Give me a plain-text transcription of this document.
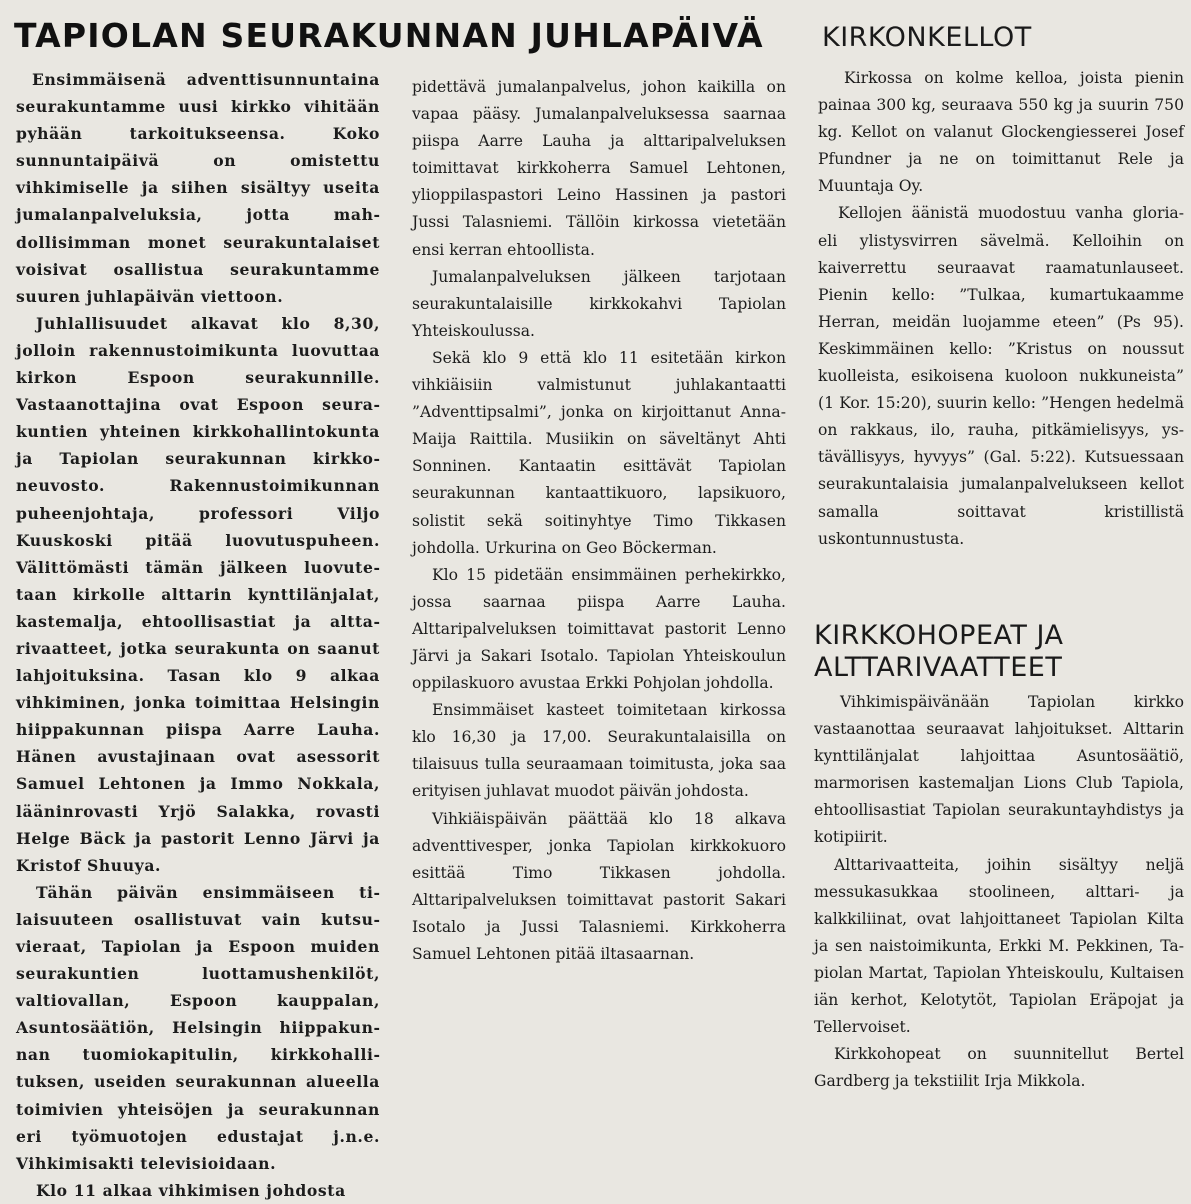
TAPIOLAN SEURAKUNNAN JUHLAPÄIVÄ

Ensimmäisenä adventtisunnuntaina seurakuntamme uusi kirkko vihitään pyhään tarkoitukseensa. Koko sunnuntaipäivä on omistettu vihkimiselle ja siihen sisältyy useita jumalanpalveluksia, jotta mahdollisimman monet seurakuntalaiset voisivat osallistua seurakuntamme suuren juhlapäivän viettoon.

Juhlallisuudet alkavat klo 8,30, jolloin rakennustoimikunta luovuttaa kirkon Espoon seurakunnille. Vastaanottajina ovat Espoon seurakuntien yhteinen kirkkohallintokunta ja Tapiolan seurakunnan kirkkoneuvosto. Rakennustoimikunnan puheenjohtaja, professori Viljo Kuuskoski pitää luovutuspuheen. Välittömästi tämän jälkeen luovutetaan kirkolle alttarin kynttilänjalat, kastemalja, ehtoollisastiat ja alttarivaatteet, jotka seurakunta on saanut lahjoituksina. Tasan klo 9 alkaa vihkiminen, jonka toimittaa Helsingin hiippakunnan piispa Aarre Lauha. Hänen avustajinaan ovat asessorit Samuel Lehtonen ja Immo Nokkala, lääninrovasti Yrjö Salakka, rovasti Helge Bäck ja pastorit Lenno Järvi ja Kristof Shuuya.

Tähän päivän ensimmäiseen tilaisuuteen osallistuvat vain kutsuvieraat, Tapiolan ja Espoon muiden seurakuntien luottamushenkilöt, valtiovallan, Espoon kauppalan, Asuntosäätiön, Helsingin hiippakunnan tuomiokapitulin, kirkkohallituksen, useiden seurakunnan alueella toimivien yhteisöjen ja seurakunnan eri työmuotojen edustajat j.n.e. Vihkimisakti televisioidaan.

Klo 11 alkaa vihkimisen johdosta

pidettävä jumalanpalvelus, johon kaikilla on vapaa pääsy. Jumalanpalveluksessa saarnaa piispa Aarre Lauha ja alttaripalveluksen toimittavat kirkkoherra Samuel Lehtonen, ylioppilaspastori Leino Hassinen ja pastori Jussi Talasniemi. Tällöin kirkossa vietetään ensi kerran ehtoollista.

Jumalanpalveluksen jälkeen tarjotaan seurakuntalaisille kirkkokahvi Tapiolan Yhteiskoulussa.

Sekä klo 9 että klo 11 esitetään kirkon vihkiäisiin valmistunut juhlakantaatti ”Adventtipsalmi”, jonka on kirjoittanut Anna-Maija Raittila. Musiikin on säveltänyt Ahti Sonninen. Kantaatin esittävät Tapiolan seurakunnan kantaattikuoro, lapsikuoro, solistit sekä soitinyhtye Timo Tikkasen johdolla. Urkurina on Geo Böckerman.

Klo 15 pidetään ensimmäinen perhekirkko, jossa saarnaa piispa Aarre Lauha. Alttaripalveluksen toimittavat pastorit Lenno Järvi ja Sakari Isotalo. Tapiolan Yhteiskoulun oppilaskuoro avustaa Erkki Pohjolan johdolla.

Ensimmäiset kasteet toimitetaan kirkossa klo 16,30 ja 17,00. Seurakuntalaisilla on tilaisuus tulla seuraamaan toimitusta, joka saa erityisen juhlavat muodot päivän johdosta.

Vihkiäispäivän päättää klo 18 alkava adventtivesper, jonka Tapiolan kirkkokuoro esittää Timo Tikkasen johdolla. Alttaripalveluksen toimittavat pastorit Sakari Isotalo ja Jussi Talasniemi. Kirkkoherra Samuel Lehtonen pitää iltasaarnan.

KIRKONKELLOT

Kirkossa on kolme kelloa, joista pienin painaa 300 kg, seuraava 550 kg ja suurin 750 kg. Kellot on valanut Glockengiesserei Josef Pfundner ja ne on toimittanut Rele ja Muuntaja Oy.

Kellojen äänistä muodostuu vanha gloria- eli ylistysvirren sävelmä. Kelloihin on kaiverrettu seuraavat raamatunlauseet. Pienin kello: ”Tulkaa, kumartukaamme Herran, meidän luojamme eteen” (Ps 95). Keskimmäinen kello: ”Kristus on noussut kuolleista, esikoisena kuoloon nukkuneista” (1 Kor. 15:20), suurin kello: ”Hengen hedelmä on rakkaus, ilo, rauha, pitkämielisyys, ystävällisyys, hyvyys” (Gal. 5:22). Kutsuessaan seurakuntalaisia jumalanpalvelukseen kellot samalla soittavat kristillistä uskontunnustusta.

KIRKKOHOPEAT JA ALTTARIVAATTEET

Vihkimispäivänään Tapiolan kirkko vastaanottaa seuraavat lahjoitukset. Alttarin kynttilänjalat lahjoittaa Asuntosäätiö, marmorisen kastemaljan Lions Club Tapiola, ehtoollisastiat Tapiolan seurakuntayhdistys ja kotipiirit.

Alttarivaatteita, joihin sisältyy neljä messukasukkaa stoolineen, alttari- ja kalkkiliinat, ovat lahjoittaneet Tapiolan Kilta ja sen naistoimikunta, Erkki M. Pekkinen, Tapiolan Martat, Tapiolan Yhteiskoulu, Kultaisen iän kerhot, Kelotytöt, Tapiolan Eräpojat ja Tellervoiset.

Kirkkohopeat on suunnitellut Bertel Gardberg ja tekstiilit Irja Mikkola.
